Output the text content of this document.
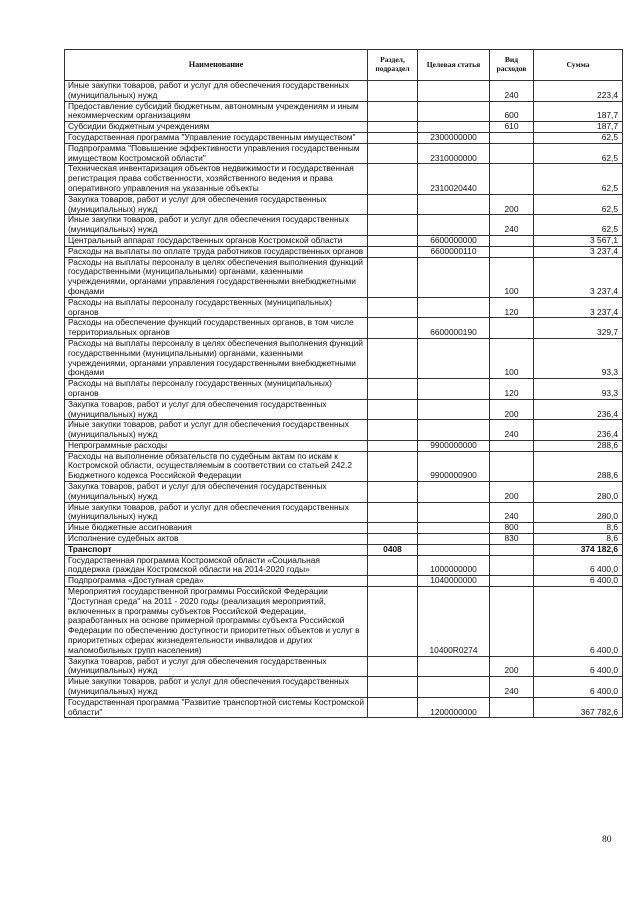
Наименование	Раздел, подраздел	Целевая статья	Вид расходов	Сумма
Иные закупки товаров, работ и услуг для обеспечения государственных (муниципальных) нужд			240	223,4
Предоставление субсидий бюджетным, автономным учреждениям и иным некоммерческим организациям			600	187,7
Субсидии бюджетным учреждениям			610	187,7
Государственная программа "Управление государственным имуществом"		2300000000		62,5
Подпрограмма "Повышение эффективности управления государственным имуществом Костромской области"		2310000000		62,5
Техническая инвентаризация объектов недвижимости и государственная регистрация права собственности, хозяйственного ведения и права оперативного управления на указанные объекты		2310020440		62,5
Закупка товаров, работ и услуг для обеспечения государственных (муниципальных) нужд			200	62,5
Иные закупки товаров, работ и услуг для обеспечения государственных (муниципальных) нужд			240	62,5
Центральный аппарат государственных органов Костромской области		6600000000		3 567,1
Расходы на выплаты по оплате труда работников государственных органов		6600000110		3 237,4
Расходы на выплаты персоналу в целях обеспечения выполнения функций государственными (муниципальными) органами, казенными учреждениями, органами управления государственными внебюджетными фондами			100	3 237,4
Расходы на выплаты персоналу государственных (муниципальных) органов			120	3 237,4
Расходы на обеспечение функций государственных органов, в том числе территориальных органов		6600000190		329,7
Расходы на выплаты персоналу в целях обеспечения выполнения функций государственными (муниципальными) органами, казенными учреждениями, органами управления государственными внебюджетными фондами			100	93,3
Расходы на выплаты персоналу государственных (муниципальных) органов			120	93,3
Закупка товаров, работ и услуг для обеспечения государственных (муниципальных) нужд			200	236,4
Иные закупки товаров, работ и услуг для обеспечения государственных (муниципальных) нужд			240	236,4
Непрограммные расходы		9900000000		288,6
Расходы на выполнение обязательств по судебным актам по искам к Костромской области, осуществляемым в соответствии со статьей 242.2 Бюджетного кодекса Российской Федерации		9900000900		288,6
Закупка товаров, работ и услуг для обеспечения государственных (муниципальных) нужд			200	280,0
Иные закупки товаров, работ и услуг для обеспечения государственных (муниципальных) нужд			240	280,0
Иные бюджетные ассигнования			800	8,6
Исполнение судебных актов			830	8,6
Транспорт	0408			374 182,6
Государственная программа Костромской области «Социальная поддержка граждан Костромской области на 2014-2020 годы»		1000000000		6 400,0
Подпрограмма «Доступная среда»		1040000000		6 400,0
Мероприятия государственной программы Российской Федерации "Доступная среда" на 2011 - 2020 годы (реализация мероприятий, включенных в программы субъектов Российской Федерации, разработанных на основе примерной программы субъекта Российской Федерации по обеспечению доступности приоритетных объектов и услуг в приоритетных сферах жизнедеятельности инвалидов и других маломобильных групп населения)		10400R0274		6 400,0
Закупка товаров, работ и услуг для обеспечения государственных (муниципальных) нужд			200	6 400,0
Иные закупки товаров, работ и услуг для обеспечения государственных (муниципальных) нужд			240	6 400,0
Государственная программа "Развитие транспортной системы Костромской области"		1200000000		367 782,6
80
